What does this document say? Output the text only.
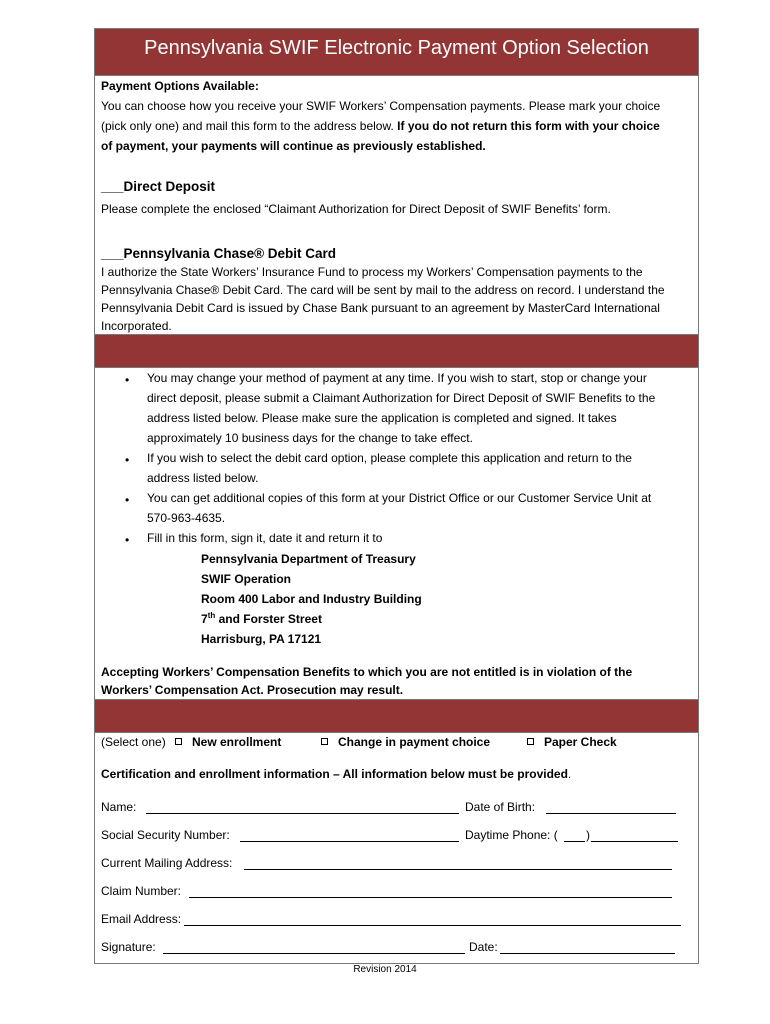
Pennsylvania SWIF Electronic Payment Option Selection
Payment Options Available:
You can choose how you receive your SWIF Workers’ Compensation payments. Please mark your choice
(pick only one) and mail this form to the address below. If you do not return this form with your choice
of payment, your payments will continue as previously established.
___Direct Deposit
Please complete the enclosed “Claimant Authorization for Direct Deposit of SWIF Benefits’ form.
___Pennsylvania Chase® Debit Card
I authorize the State Workers’ Insurance Fund to process my Workers’ Compensation payments to the
Pennsylvania Chase® Debit Card. The card will be sent by mail to the address on record. I understand the
Pennsylvania Debit Card is issued by Chase Bank pursuant to an agreement by MasterCard International
Incorporated.
• You may change your method of payment at any time. If you wish to start, stop or change your
direct deposit, please submit a Claimant Authorization for Direct Deposit of SWIF Benefits to the
address listed below. Please make sure the application is completed and signed. It takes
approximately 10 business days for the change to take effect.
• If you wish to select the debit card option, please complete this application and return to the
address listed below.
• You can get additional copies of this form at your District Office or our Customer Service Unit at
570-963-4635.
• Fill in this form, sign it, date it and return it to
Pennsylvania Department of Treasury
SWIF Operation
Room 400 Labor and Industry Building
7th and Forster Street
Harrisburg, PA 17121
Accepting Workers’ Compensation Benefits to which you are not entitled is in violation of the
Workers’ Compensation Act. Prosecution may result.
(Select one)	New enrollment	Change in payment choice	Paper Check
Certification and enrollment information – All information below must be provided.
Name:	Date of Birth:
Social Security Number:	Daytime Phone: ( )
Current Mailing Address:
Claim Number:
Email Address:
Signature:	Date:
Revision 2014
